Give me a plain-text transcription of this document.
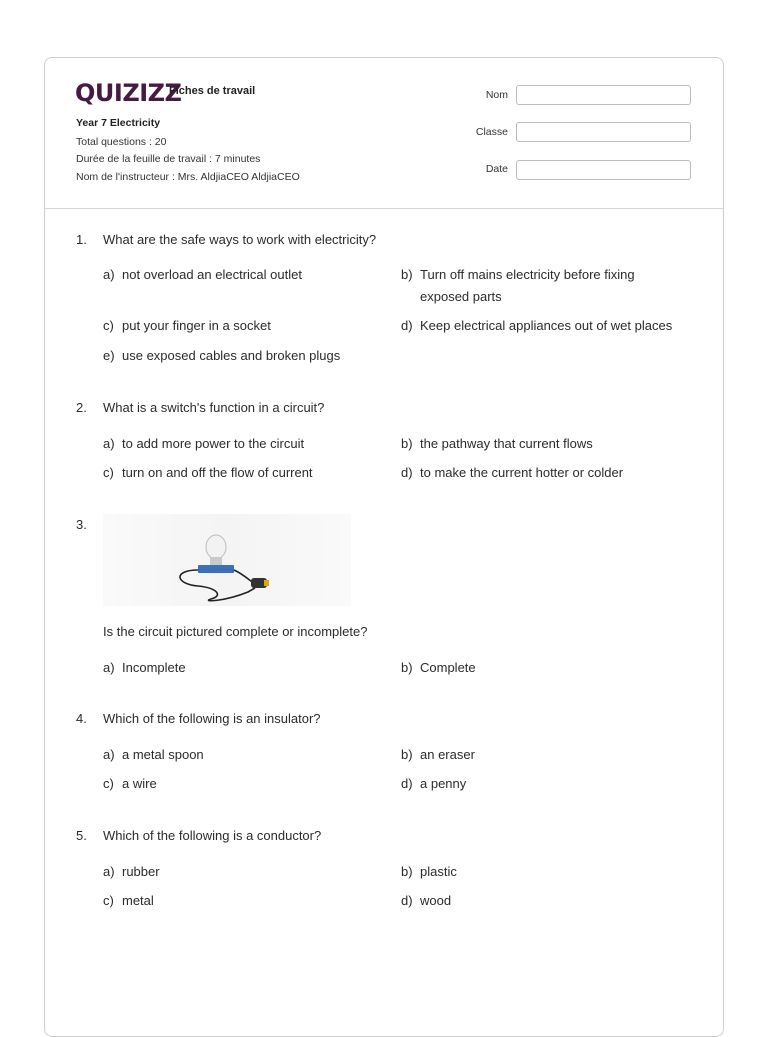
QUIZIZZ
Fiches de travail
Year 7 Electricity
Total questions : 20
Durée de la feuille de travail : 7 minutes
Nom de l'instructeur : Mrs. AldjiaCEO AldjiaCEO
Nom
Classe
Date
1. What are the safe ways to work with electricity?
a) not overload an electrical outlet	b) Turn off mains electricity before fixing
exposed parts
c) put your finger in a socket	d) Keep electrical appliances out of wet places
e) use exposed cables and broken plugs
2. What is a switch's function in a circuit?
a) to add more power to the circuit	b) the pathway that current flows
c) turn on and off the flow of current	d) to make the current hotter or colder
3.
Is the circuit pictured complete or incomplete?
a) Incomplete	b) Complete
4. Which of the following is an insulator?
a) a metal spoon	b) an eraser
c) a wire	d) a penny
5. Which of the following is a conductor?
a) rubber	b) plastic
c) metal	d) wood
